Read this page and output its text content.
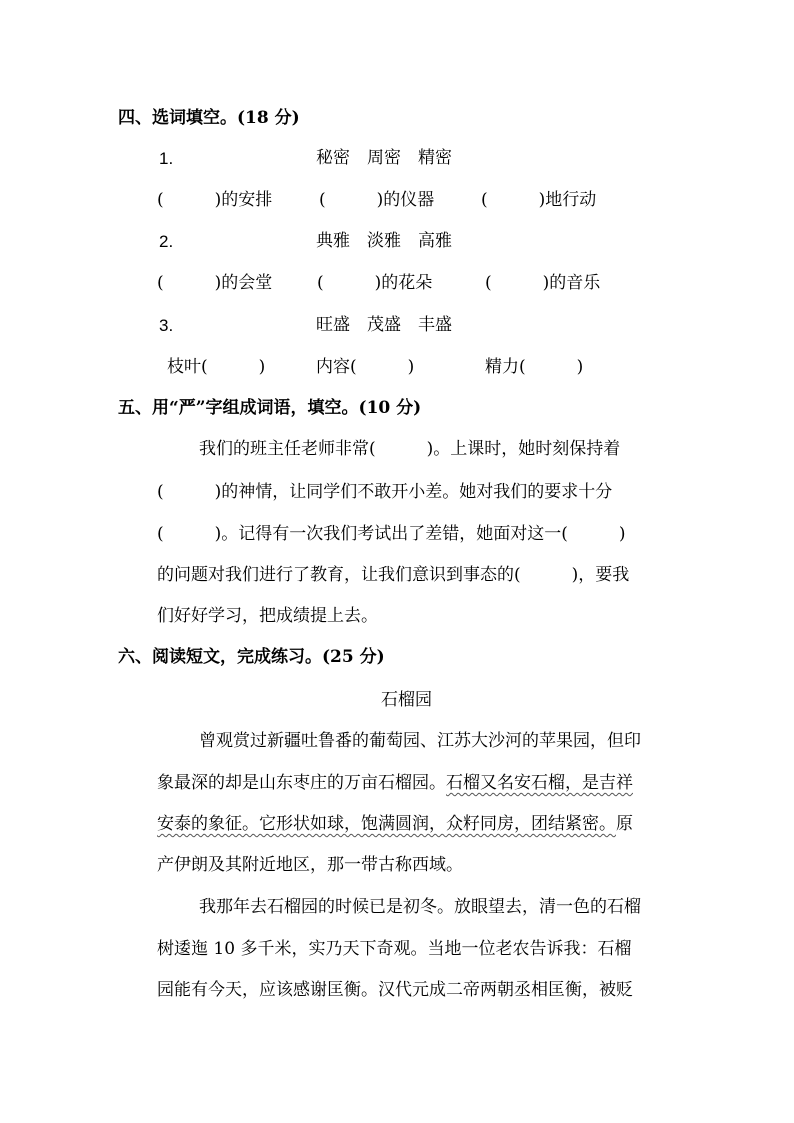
四、选词填空。(18 分)
1.	秘密　周密　精密
(　　　)的安排	(　　　)的仪器	(　　　)地行动
2.	典雅　淡雅　高雅
(　　　)的会堂	(　　　)的花朵	(　　　)的音乐
3.	旺盛　茂盛　丰盛
枝叶(　　　)	内容(　　　)	精力(　　　)
五、用“严”字组成词语，填空。(10 分)
我们的班主任老师非常(　　　)。上课时，她时刻保持着
(　　　)的神情，让同学们不敢开小差。她对我们的要求十分
(　　　)。记得有一次我们考试出了差错，她面对这一(　　　)
的问题对我们进行了教育，让我们意识到事态的(　　　)，要我
们好好学习，把成绩提上去。
六、阅读短文，完成练习。(25 分)
石榴园
曾观赏过新疆吐鲁番的葡萄园、江苏大沙河的苹果园，但印
象最深的却是山东枣庄的万亩石榴园。石榴又名安石榴，是吉祥
安泰的象征。它形状如球，饱满圆润，众籽同房，团结紧密。原
产伊朗及其附近地区，那一带古称西域。
我那年去石榴园的时候已是初冬。放眼望去，清一色的石榴
树逶迤 10 多千米，实乃天下奇观。当地一位老农告诉我：石榴
园能有今天，应该感谢匡衡。汉代元成二帝两朝丞相匡衡，被贬
